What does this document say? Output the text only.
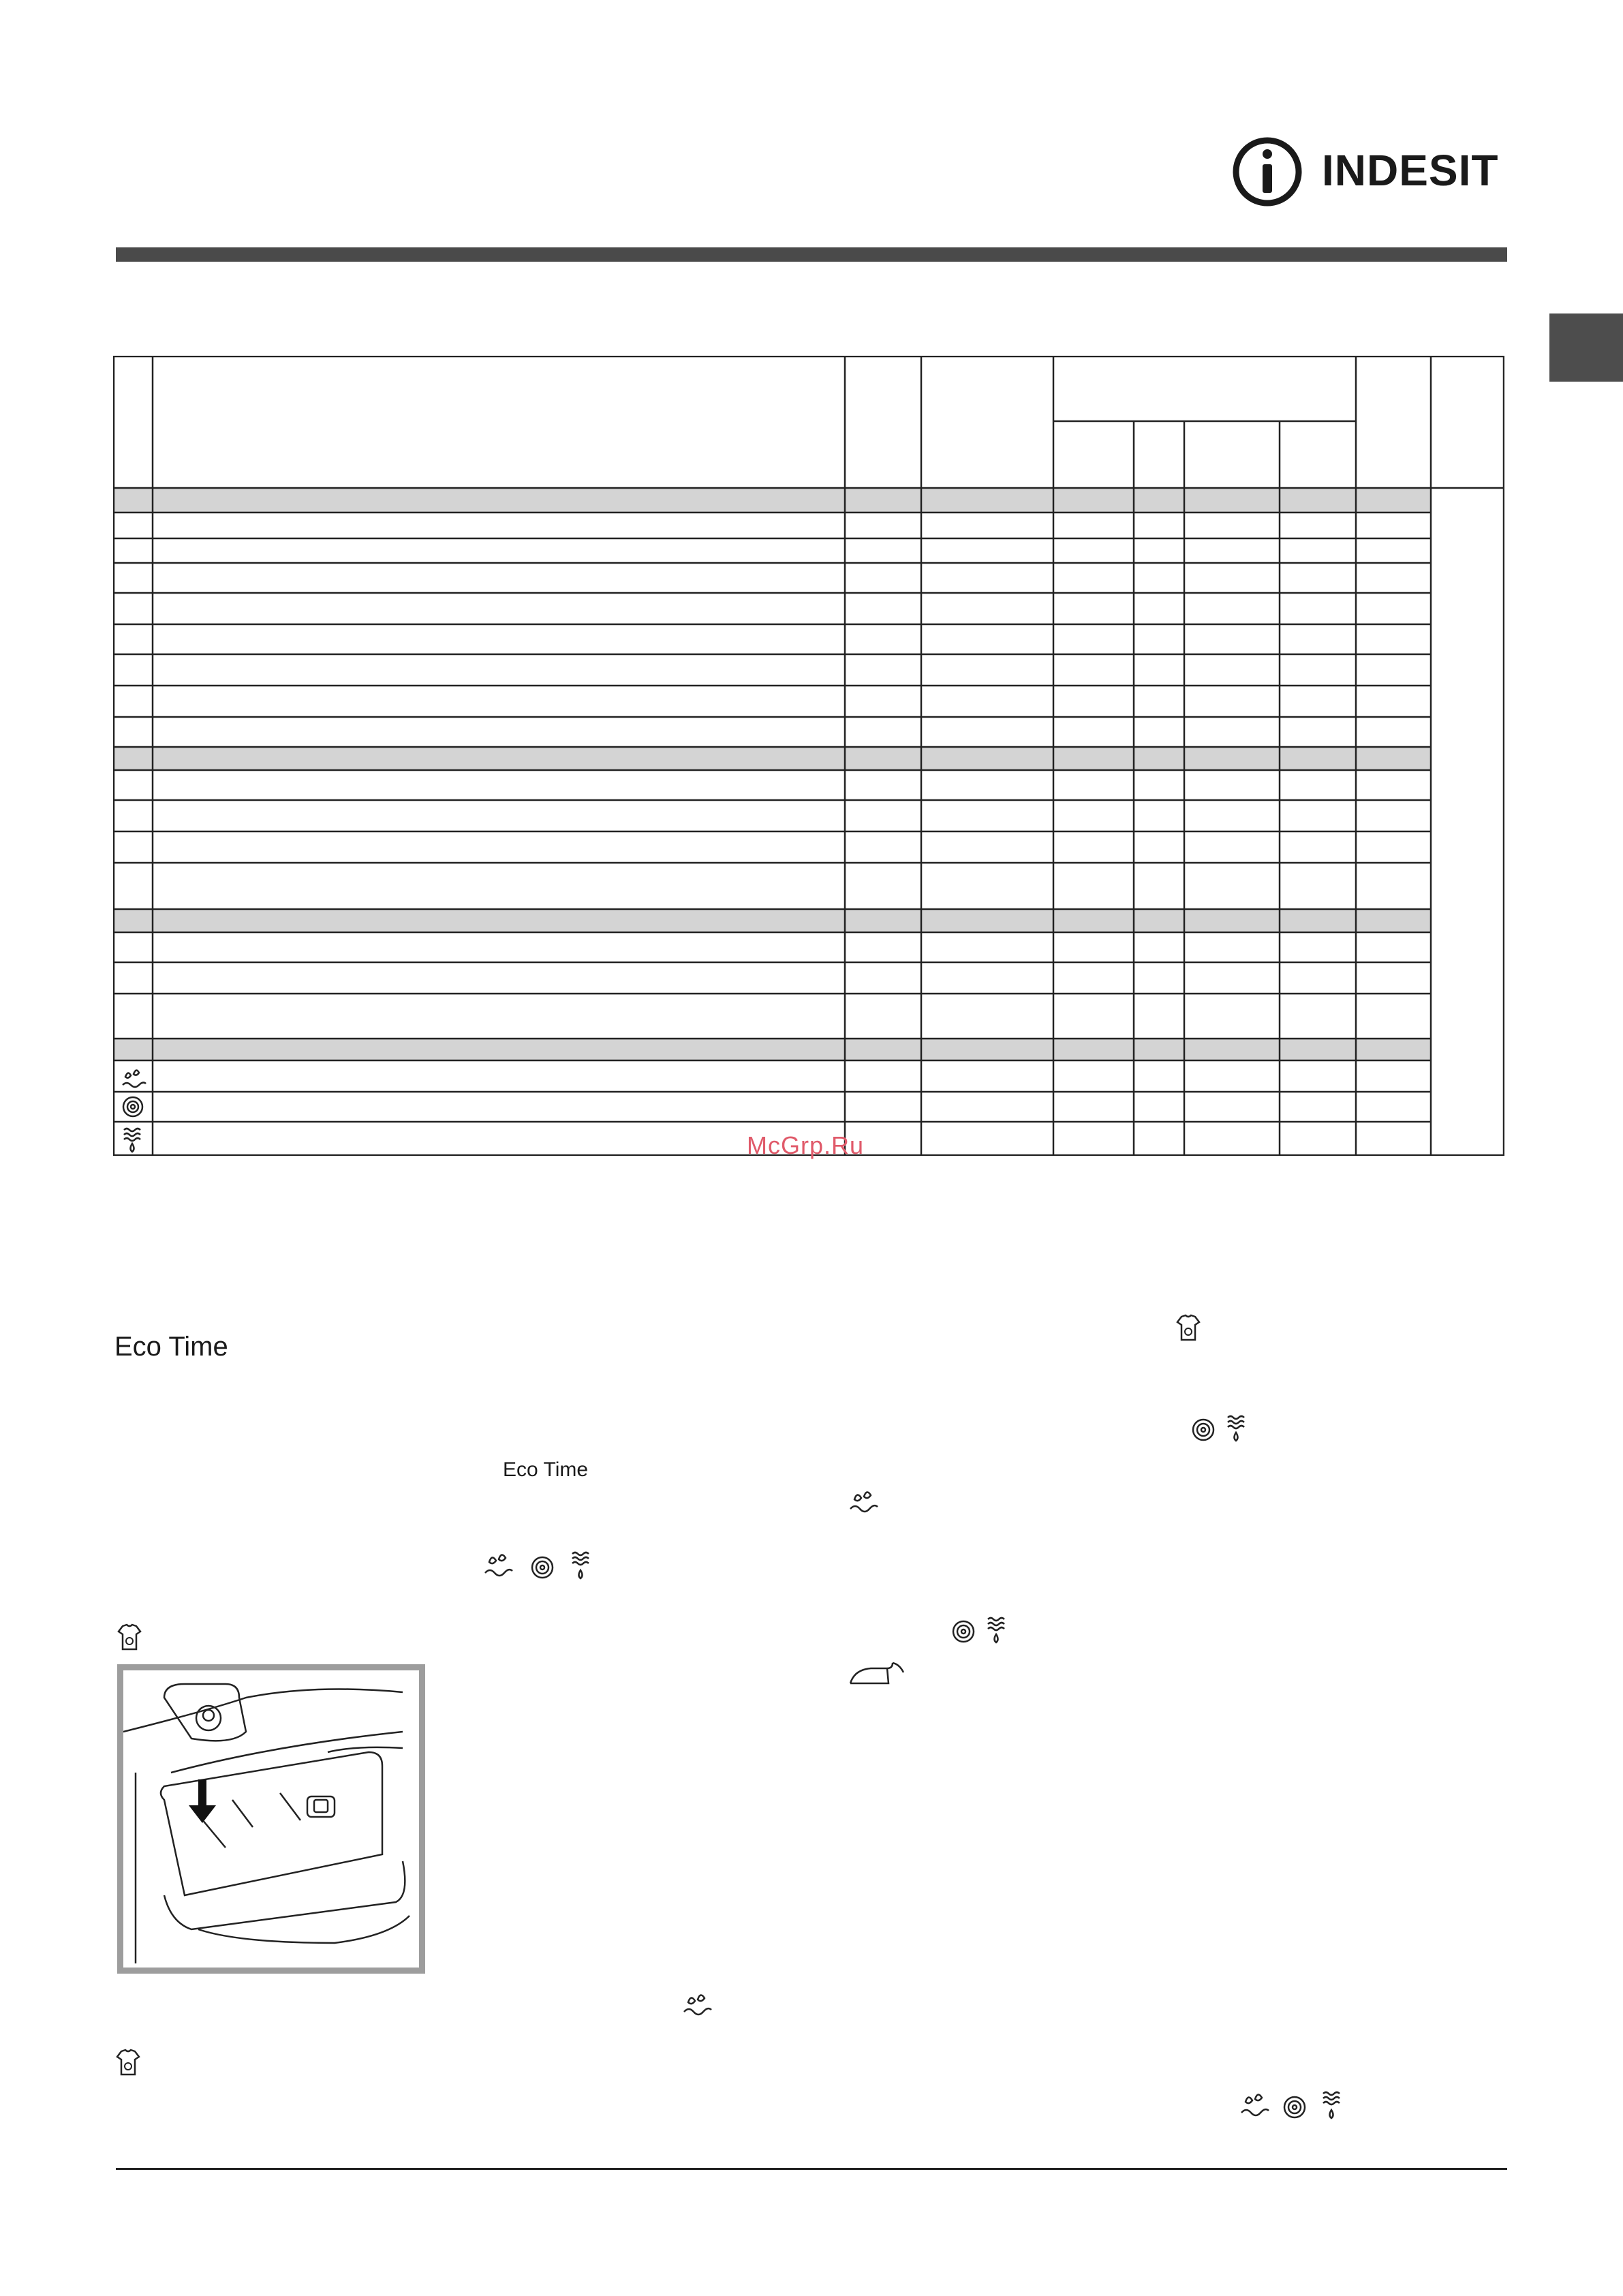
INDESIT
McGrp.Ru
Eco Time
Eco Time
